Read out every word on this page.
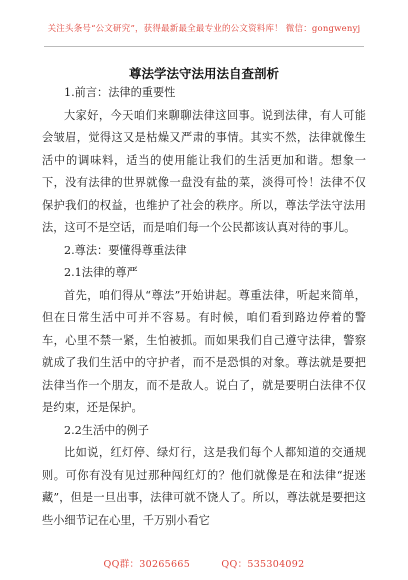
关注头条号“公文研究”，获得最新最全最专业的公文资料库！ 微信：gongwenyj
尊法学法守法用法自查剖析

1.前言：法律的重要性

大家好，今天咱们来聊聊法律这回事。说到法律，有人可能会皱眉，觉得这又是枯燥又严肃的事情。其实不然，法律就像生活中的调味料，适当的使用能让我们的生活更加和谐。想象一下，没有法律的世界就像一盘没有盐的菜，淡得可怜！法律不仅保护我们的权益，也维护了社会的秩序。所以，尊法学法守法用法，这可不是空话，而是咱们每一个公民都该认真对待的事儿。

2.尊法：要懂得尊重法律

2.1法律的尊严

首先，咱们得从“尊法”开始讲起。尊重法律，听起来简单，但在日常生活中可并不容易。有时候，咱们看到路边停着的警车，心里不禁一紧，生怕被抓。而如果我们自己遵守法律，警察就成了我们生活中的守护者，而不是恐惧的对象。尊法就是要把法律当作一个朋友，而不是敌人。说白了，就是要明白法律不仅是约束，还是保护。

2.2生活中的例子

比如说，红灯停、绿灯行，这是我们每个人都知道的交通规则。可你有没有见过那种闯红灯的？他们就像是在和法律“捉迷藏”，但是一旦出事，法律可就不饶人了。所以，尊法就是要把这些小细节记在心里，千万别小看它

QQ群：30265665	QQ：535304092
